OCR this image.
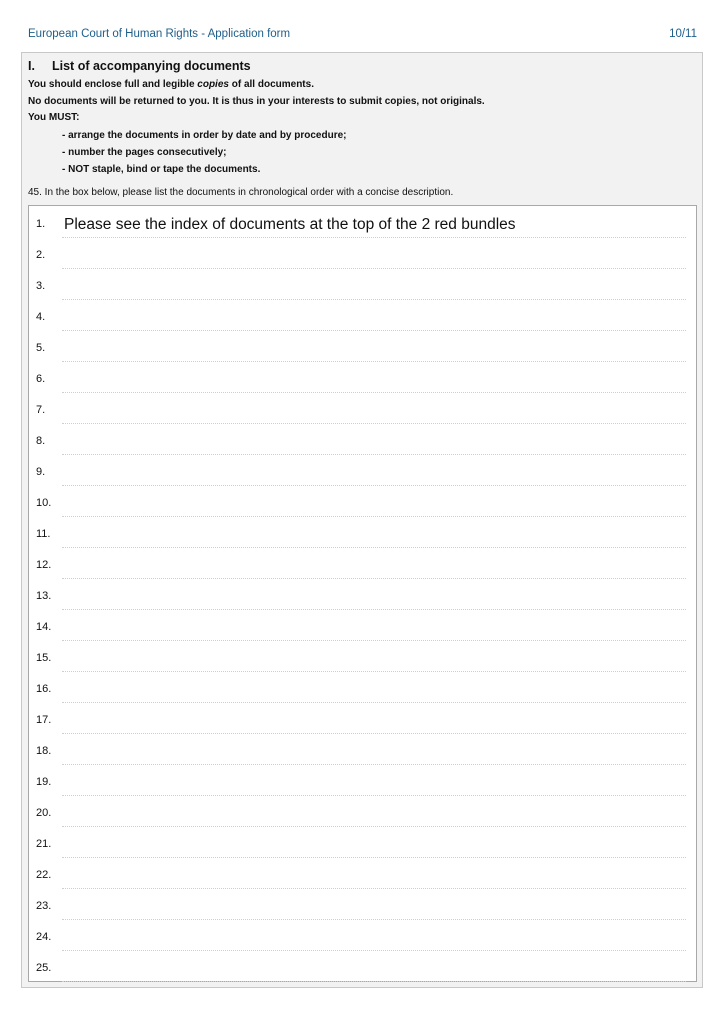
European Court of Human Rights - Application form	10/11
I. List of accompanying documents
You should enclose full and legible copies of all documents.
No documents will be returned to you. It is thus in your interests to submit copies, not originals.
You MUST:
- arrange the documents in order by date and by procedure;
- number the pages consecutively;
- NOT staple, bind or tape the documents.
45. In the box below, please list the documents in chronological order with a concise description.
1. Please see the index of documents at the top of the 2 red bundles
2.
3.
4.
5.
6.
7.
8.
9.
10.
11.
12.
13.
14.
15.
16.
17.
18.
19.
20.
21.
22.
23.
24.
25.
